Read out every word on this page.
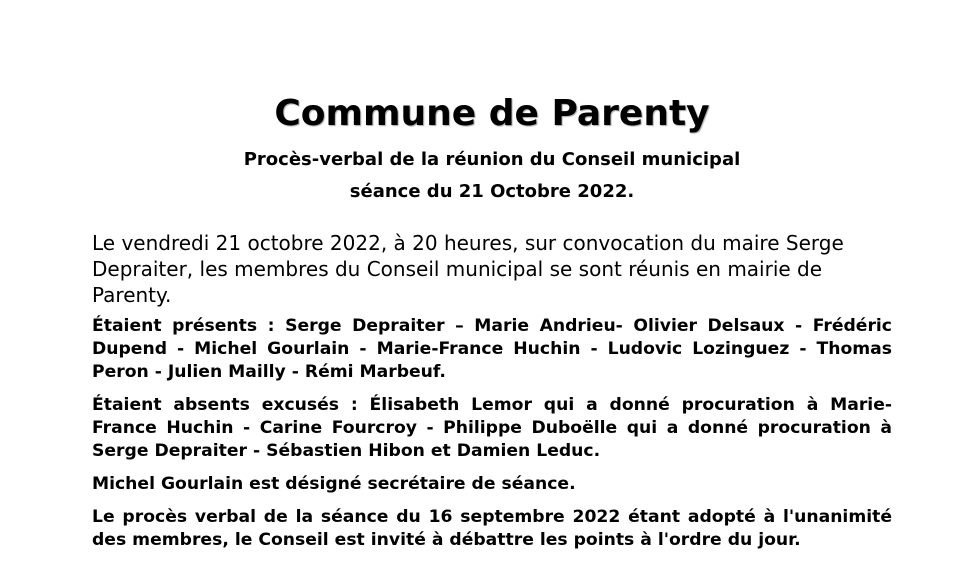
Commune de Parenty
Procès-verbal de la réunion du Conseil municipal
séance du 21 Octobre 2022.

Le vendredi 21 octobre 2022, à 20 heures, sur convocation du maire Serge Depraiter, les membres du Conseil municipal se sont réunis en mairie de Parenty.

Étaient présents : Serge Depraiter – Marie Andrieu- Olivier Delsaux - Frédéric Dupend - Michel Gourlain - Marie-France Huchin - Ludovic Lozinguez - Thomas Peron - Julien Mailly - Rémi Marbeuf.

Étaient absents excusés : Élisabeth Lemor qui a donné procuration à Marie-France Huchin - Carine Fourcroy - Philippe Duboëlle qui a donné procuration à Serge Depraiter - Sébastien Hibon et Damien Leduc.

Michel Gourlain est désigné secrétaire de séance.

Le procès verbal de la séance du 16 septembre 2022 étant adopté à l'unanimité des membres, le Conseil est invité à débattre les points à l'ordre du jour.
